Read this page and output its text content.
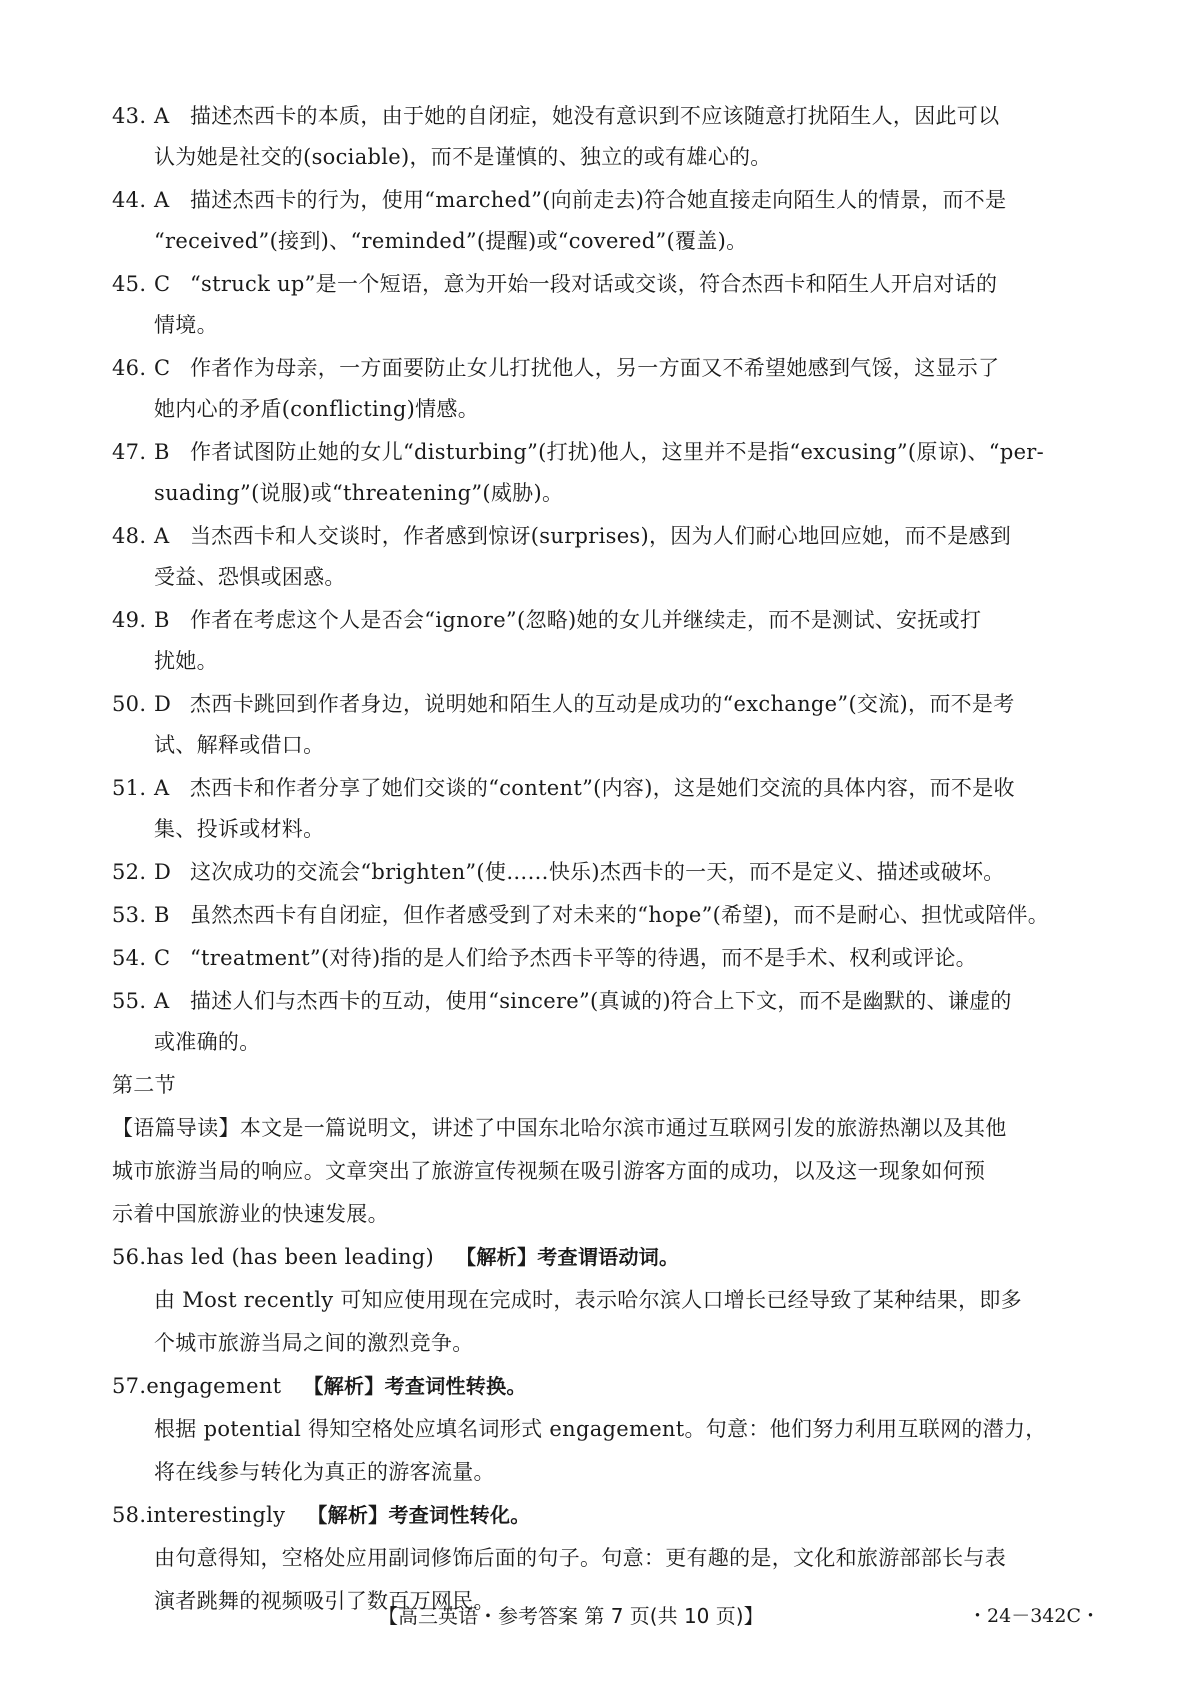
43. A 描述杰西卡的本质，由于她的自闭症，她没有意识到不应该随意打扰陌生人，因此可以
认为她是社交的(sociable)，而不是谨慎的、独立的或有雄心的。
44. A 描述杰西卡的行为，使用“marched”(向前走去)符合她直接走向陌生人的情景，而不是
“received”(接到)、“reminded”(提醒)或“covered”(覆盖)。
45. C “struck up”是一个短语，意为开始一段对话或交谈，符合杰西卡和陌生人开启对话的
情境。
46. C 作者作为母亲，一方面要防止女儿打扰他人，另一方面又不希望她感到气馁，这显示了
她内心的矛盾(conflicting)情感。
47. B 作者试图防止她的女儿“disturbing”(打扰)他人，这里并不是指“excusing”(原谅)、“per-
suading”(说服)或“threatening”(威胁)。
48. A 当杰西卡和人交谈时，作者感到惊讶(surprises)，因为人们耐心地回应她，而不是感到
受益、恐惧或困惑。
49. B 作者在考虑这个人是否会“ignore”(忽略)她的女儿并继续走，而不是测试、安抚或打
扰她。
50. D 杰西卡跳回到作者身边，说明她和陌生人的互动是成功的“exchange”(交流)，而不是考
试、解释或借口。
51. A 杰西卡和作者分享了她们交谈的“content”(内容)，这是她们交流的具体内容，而不是收
集、投诉或材料。
52. D 这次成功的交流会“brighten”(使……快乐)杰西卡的一天，而不是定义、描述或破坏。
53. B 虽然杰西卡有自闭症，但作者感受到了对未来的“hope”(希望)，而不是耐心、担忧或陪伴。
54. C “treatment”(对待)指的是人们给予杰西卡平等的待遇，而不是手术、权利或评论。
55. A 描述人们与杰西卡的互动，使用“sincere”(真诚的)符合上下文，而不是幽默的、谦虚的
或准确的。
第二节
【语篇导读】本文是一篇说明文，讲述了中国东北哈尔滨市通过互联网引发的旅游热潮以及其他
城市旅游当局的响应。文章突出了旅游宣传视频在吸引游客方面的成功，以及这一现象如何预
示着中国旅游业的快速发展。
56.has led (has been leading) 【解析】考查谓语动词。
由 Most recently 可知应使用现在完成时，表示哈尔滨人口增长已经导致了某种结果，即多
个城市旅游当局之间的激烈竞争。
57.engagement 【解析】考查词性转换。
根据 potential 得知空格处应填名词形式 engagement。句意：他们努力利用互联网的潜力，
将在线参与转化为真正的游客流量。
58.interestingly 【解析】考查词性转化。
由句意得知，空格处应用副词修饰后面的句子。句意：更有趣的是，文化和旅游部部长与表
演者跳舞的视频吸引了数百万网民。
【高三英语・参考答案 第 7 页(共 10 页)】	・24－342C・
